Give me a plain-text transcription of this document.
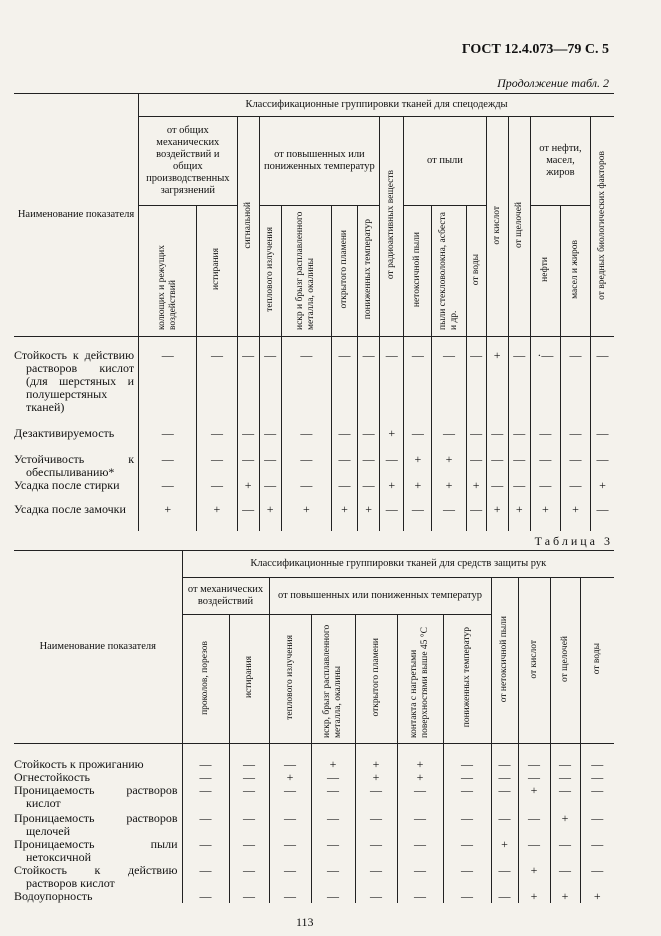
ГОСТ 12.4.073—79 С. 5
Продолжение табл. 2
Наименование показателя	Классификационные группировки тканей для спецодежды															

	от общих механических воздействий и общих производственных загрязнений		сигнальной	от повышенных или пониженных температур				от радиоактивных веществ	от пыли			от кислот	от щелочей	от нефти, масел, жиров		от вредных биологических факторов
	колющих и режущих воздействий	истирания		теплового излучения	искр и брызг расплавленного металла, окалины	открытого пламени	пониженных температур		нетоксичной пыли	пыли стекловолокна, асбеста и др.	от воды			нефти	масел и жиров	

Стойкость к действию растворов кислот (для шерстяных и полушерстяных тканей)	—	—	—	—	—	—	—	—	—	—	—	+	—	·—	—	—

Дезактивируемость	—	—	—	—	—	—	—	+	—	—	—	—	—	—	—	—

Устойчивость к обеспыливанию*	—	—	—	—	—	—	—	—	+	+	—	—	—	—	—	—

Усадка после стирки	—	—	+	—	—	—	—	+	+	+	+	—	—	—	—	+

Усадка после замочки	+	+	—	+	+	+	+	—	—	—	—	+	+	+	+	—
Таблица 3
Наименование показателя	Классификационные группировки тканей для средств защиты рук										

	от механических воздействий		от повышенных или пониженных температур					от нетоксичной пыли	от кислот	от щелочей	от воды
	проколов, порезов	истирания	теплового излучения	искр, брызг расплавленного металла, окалины	открытого пламени	контакта с нагретыми поверхностями выше 45 °С	пониженных температур				

Стойкость к прожиганию	—	—	—	+	+	+	—	—	—	—	—

Огнестойкость	—	—	+	—	+	+	—	—	—	—	—

Проницаемость растворов кислот	—	—	—	—	—	—	—	—	+	—	—

Проницаемость растворов щелочей	—	—	—	—	—	—	—	—	—	+	—

Проницаемость пыли нетоксичной	—	—	—	—	—	—	—	+	—	—	—

Стойкость к действию растворов кислот	—	—	—	—	—	—	—	—	+	—	—

Водоупорность	—	—	—	—	—	—	—	—	+	+	+
113
